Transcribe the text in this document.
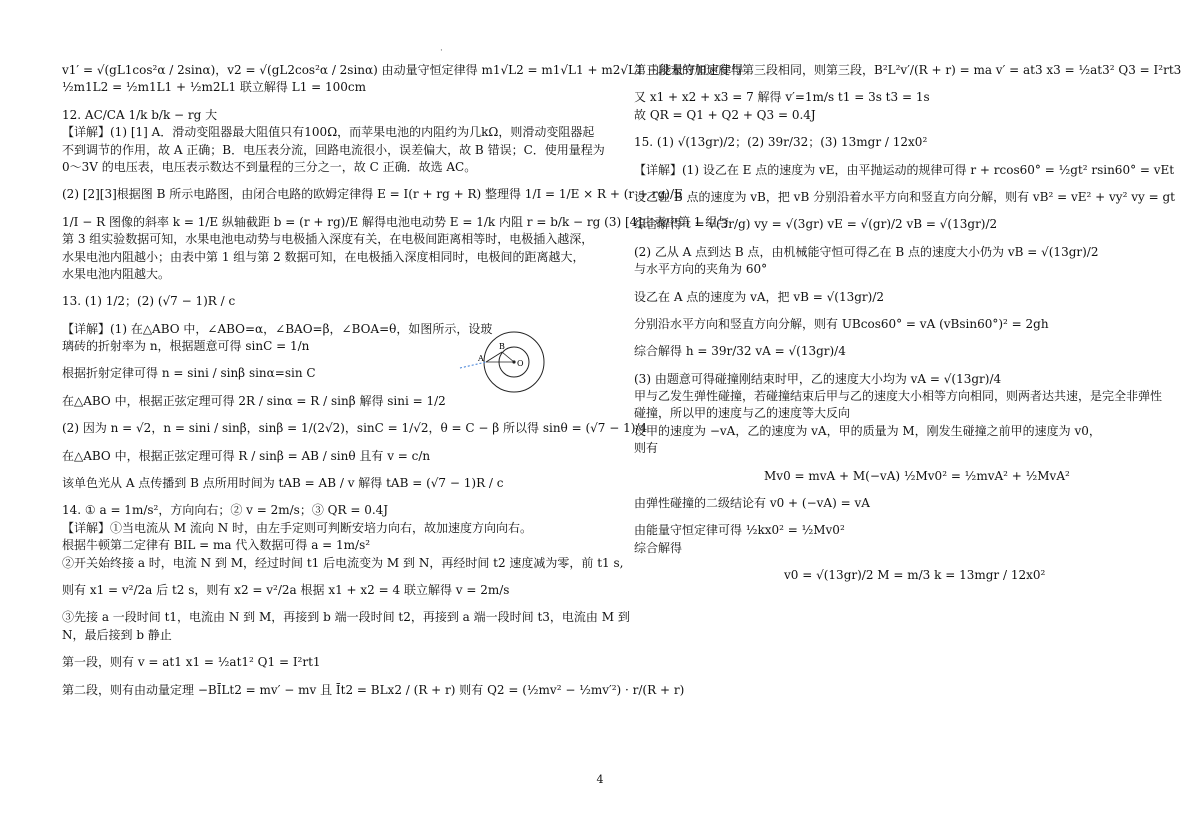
·
v1′ = √(gL1cos²α / 2sinα)，v2 = √(gL2cos²α / 2sinα) 由动量守恒定律得 m1√L2 = m1√L1 + m2√L1 由能量守恒定律得
½m1L2 = ½m1L1 + ½m2L1 联立解得 L1 = 100cm
12. AC/CA 1/k b/k − rg 大
【详解】(1) [1] A．滑动变阻器最大阻值只有100Ω，而苹果电池的内阻约为几kΩ，则滑动变阻器起
不到调节的作用，故 A 正确；B．电压表分流，回路电流很小，误差偏大，故 B 错误；C．使用量程为
0～3V 的电压表，电压表示数达不到量程的三分之一，故 C 正确．故选 AC。
(2) [2][3]根据图 B 所示电路图，由闭合电路的欧姆定律得 E = I(r + rg + R) 整理得 1/I = 1/E × R + (r + rg)/E
1/I − R 图像的斜率 k = 1/E 纵轴截距 b = (r + rg)/E 解得电池电动势 E = 1/k 内阻 r = b/k − rg (3) [4]由表中第 1 组与
第 3 组实验数据可知，水果电池电动势与电极插入深度有关，在电极间距离相等时，电极插入越深，
水果电池内阻越小；由表中第 1 组与第 2 数据可知，在电极插入深度相同时，电极间的距离越大，
水果电池内阻越大。
13. (1) 1/2；(2) (√7 − 1)R / c
【详解】(1) 在△ABO 中，∠ABO=α，∠BAO=β，∠BOA=θ，如图所示，设玻
璃砖的折射率为 n，根据题意可得 sinC = 1/n
根据折射定律可得 n = sini / sinβ sinα=sin C
在△ABO 中，根据正弦定理可得 2R / sinα = R / sinβ 解得 sini = 1/2
(2) 因为 n = √2，n = sini / sinβ，sinβ = 1/(2√2)，sinC = 1/√2，θ = C − β 所以得 sinθ = (√7 − 1)/4
在△ABO 中，根据正弦定理可得 R / sinβ = AB / sinθ 且有 v = c/n
该单色光从 A 点传播到 B 点所用时间为 tAB = AB / v 解得 tAB = (√7 − 1)R / c
14. ① a = 1m/s²，方向向右；② v = 2m/s；③ QR = 0.4J
【详解】①当电流从 M 流向 N 时，由左手定则可判断安培力向右，故加速度方向向右。
根据牛顿第二定律有 BIL = ma 代入数据可得 a = 1m/s²
②开关始终接 a 时，电流 N 到 M，经过时间 t1 后电流变为 M 到 N，再经时间 t2 速度减为零，前 t1 s,
则有 x1 = v²/2a 后 t2 s，则有 x2 = v²/2a 根据 x1 + x2 = 4 联立解得 v = 2m/s
③先接 a 一段时间 t1，电流由 N 到 M，再接到 b 端一段时间 t2，再接到 a 端一段时间 t3，电流由 M 到
N，最后接到 b 静止
第一段，则有 v = at1 x1 = ½at1² Q1 = I²rt1
第二段，则有由动量定理 −BĪLt2 = mv′ − mv 且 Īt2 = BLx2 / (R + r) 则有 Q2 = (½mv² − ½mv′²) · r/(R + r)
A
B
O
第三段末的加速度与第三段相同，则第三段，B²L²v′/(R + r) = ma v′ = at3 x3 = ½at3² Q3 = I²rt3
又 x1 + x2 + x3 = 7 解得 v′=1m/s t1 = 3s t3 = 1s
故 QR = Q1 + Q2 + Q3 = 0.4J
15. (1) √(13gr)/2；(2) 39r/32；(3) 13mgr / 12x0²
【详解】(1) 设乙在 E 点的速度为 vE，由平抛运动的规律可得 r + rcos60° = ½gt² rsin60° = vEt
设乙在 B 点的速度为 vB，把 vB 分别沿着水平方向和竖直方向分解，则有 vB² = vE² + vy² vy = gt
综合解得 t = √(3r/g) vy = √(3gr) vE = √(gr)/2 vB = √(13gr)/2
(2) 乙从 A 点到达 B 点，由机械能守恒可得乙在 B 点的速度大小仍为 vB = √(13gr)/2
与水平方向的夹角为 60°
设乙在 A 点的速度为 vA，把 vB = √(13gr)/2
分别沿水平方向和竖直方向分解，则有 UBcos60° = vA (vBsin60°)² = 2gh
综合解得 h = 39r/32 vA = √(13gr)/4
(3) 由题意可得碰撞刚结束时甲，乙的速度大小均为 vA = √(13gr)/4
甲与乙发生弹性碰撞，若碰撞结束后甲与乙的速度大小相等方向相同，则两者达共速，是完全非弹性
碰撞，所以甲的速度与乙的速度等大反向
设甲的速度为 −vA，乙的速度为 vA，甲的质量为 M，刚发生碰撞之前甲的速度为 v0，
则有
Mv0 = mvA + M(−vA) ½Mv0² = ½mvA² + ½MvA²
由弹性碰撞的二级结论有 v0 + (−vA) = vA
由能量守恒定律可得 ½kx0² = ½Mv0²
综合解得
v0 = √(13gr)/2 M = m/3 k = 13mgr / 12x0²
4
